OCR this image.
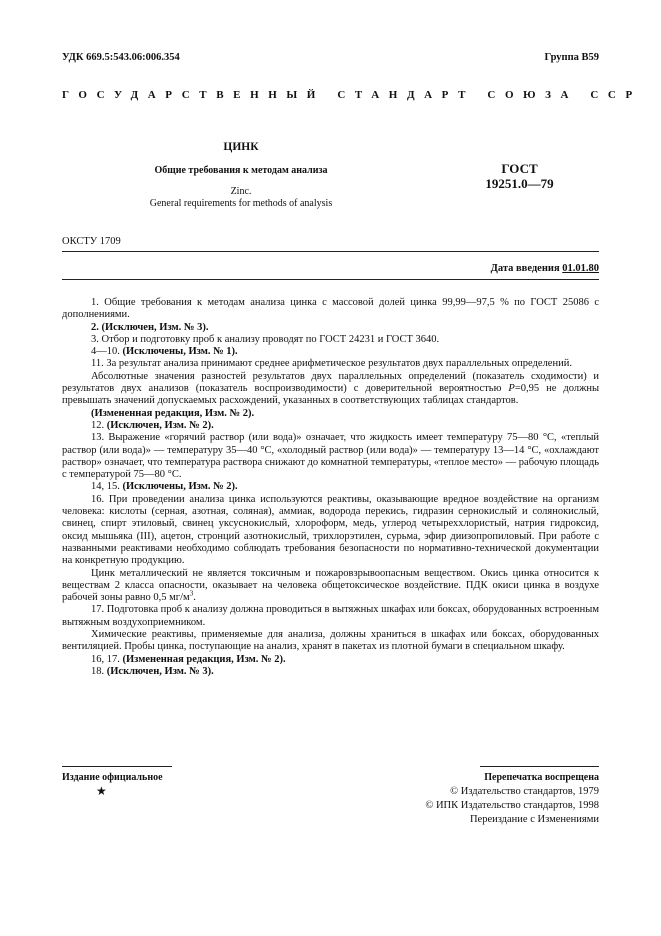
УДК 669.5:543.06:006.354	Группа В59
ГОСУДАРСТВЕННЫЙ СТАНДАРТ СОЮЗА ССР
ЦИНК
Общие требования к методам анализа
Zinc.
General requirements for methods of analysis
ГОСТ
19251.0—79
ОКСТУ 1709
Дата введения 01.01.80

1. Общие требования к методам анализа цинка с массовой долей цинка 99,99—97,5 % по ГОСТ 25086 с дополнениями.

2. (Исключен, Изм. № 3).

3. Отбор и подготовку проб к анализу проводят по ГОСТ 24231 и ГОСТ 3640.

4—10. (Исключены, Изм. № 1).

11. За результат анализа принимают среднее арифметическое результатов двух параллельных определений.

Абсолютные значения разностей результатов двух параллельных определений (показатель сходимости) и результатов двух анализов (показатель воспроизводимости) с доверительной вероятностью P=0,95 не должны превышать значений допускаемых расхождений, указанных в соответствующих таблицах стандартов.

(Измененная редакция, Изм. № 2).

12. (Исключен, Изм. № 2).

13. Выражение «горячий раствор (или вода)» означает, что жидкость имеет температуру 75—80 °С, «теплый раствор (или вода)» — температуру 35—40 °С, «холодный раствор (или вода)» — температуру 13—14 °С, «охлаждают раствор» означает, что температура раствора снижают до комнатной температуры, «теплое место» — рабочую площадь с температурой 75—80 °С.

14, 15. (Исключены, Изм. № 2).

16. При проведении анализа цинка используются реактивы, оказывающие вредное воздействие на организм человека: кислоты (серная, азотная, соляная), аммиак, водорода перекись, гидразин сернокислый и солянокислый, свинец, спирт этиловый, свинец уксуснокислый, хлороформ, медь, углерод четыреххлористый, натрия гидроксид, оксид мышьяка (III), ацетон, стронций азотнокислый, трихлорэтилен, сурьма, эфир диизопропиловый. При работе с названными реактивами необходимо соблюдать требования безопасности по нормативно-технической документации на конкретную продукцию.

Цинк металлический не является токсичным и пожаровзрывоопасным веществом. Окись цинка относится к веществам 2 класса опасности, оказывает на человека общетоксическое воздействие. ПДК окиси цинка в воздухе рабочей зоны равно 0,5 $мг/м^3$.

17. Подготовка проб к анализу должна проводиться в вытяжных шкафах или боксах, оборудованных встроенным вытяжным воздухоприемником.

Химические реактивы, применяемые для анализа, должны храниться в шкафах или боксах, оборудованных вентиляцией. Пробы цинка, поступающие на анализ, хранят в пакетах из плотной бумаги в специальном шкафу.

16, 17. (Измененная редакция, Изм. № 2).

18. (Исключен, Изм. № 3).

Издание официальное
★
Перепечатка воспрещена
© Издательство стандартов, 1979
© ИПК Издательство стандартов, 1998
Переиздание с Изменениями
